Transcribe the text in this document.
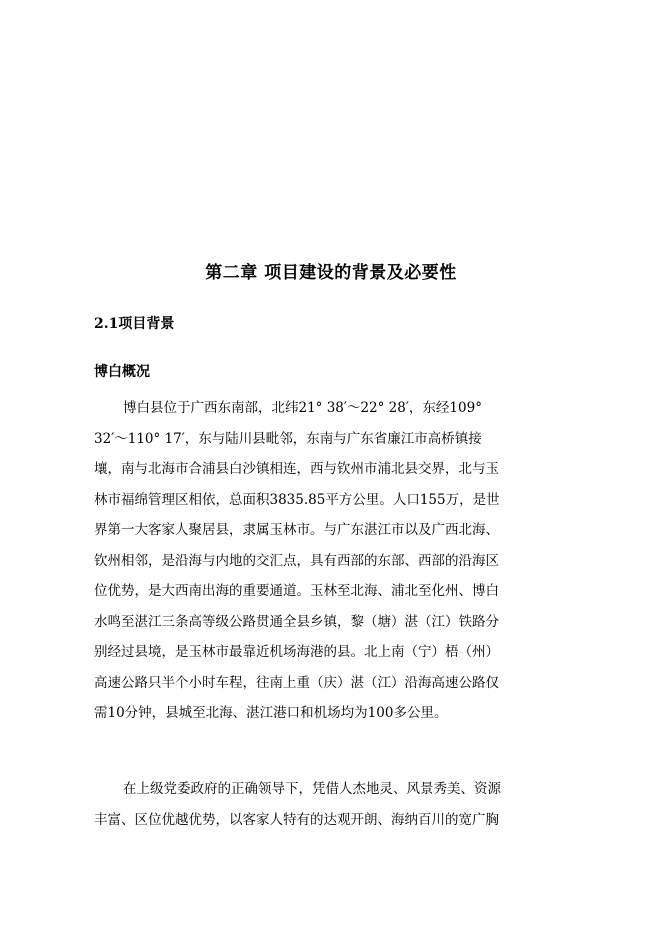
第二章 项目建设的背景及必要性
2.1项目背景
博白概况
博白县位于广西东南部，北纬21° 38′～22° 28′，东经109°
32′～110° 17′，东与陆川县毗邻，东南与广东省廉江市高桥镇接
壤，南与北海市合浦县白沙镇相连，西与钦州市浦北县交界，北与玉
林市福绵管理区相依，总面积3835.85平方公里。人口155万，是世
界第一大客家人聚居县，隶属玉林市。与广东湛江市以及广西北海、
钦州相邻，是沿海与内地的交汇点，具有西部的东部、西部的沿海区
位优势，是大西南出海的重要通道。玉林至北海、浦北至化州、博白
水鸣至湛江三条高等级公路贯通全县乡镇，黎（塘）湛（江）铁路分
别经过县境，是玉林市最靠近机场海港的县。北上南（宁）梧（州）
高速公路只半个小时车程，往南上重（庆）湛（江）沿海高速公路仅
需10分钟，县城至北海、湛江港口和机场均为100多公里。
在上级党委政府的正确领导下，凭借人杰地灵、风景秀美、资源
丰富、区位优越优势，以客家人特有的达观开朗、海纳百川的宽广胸
